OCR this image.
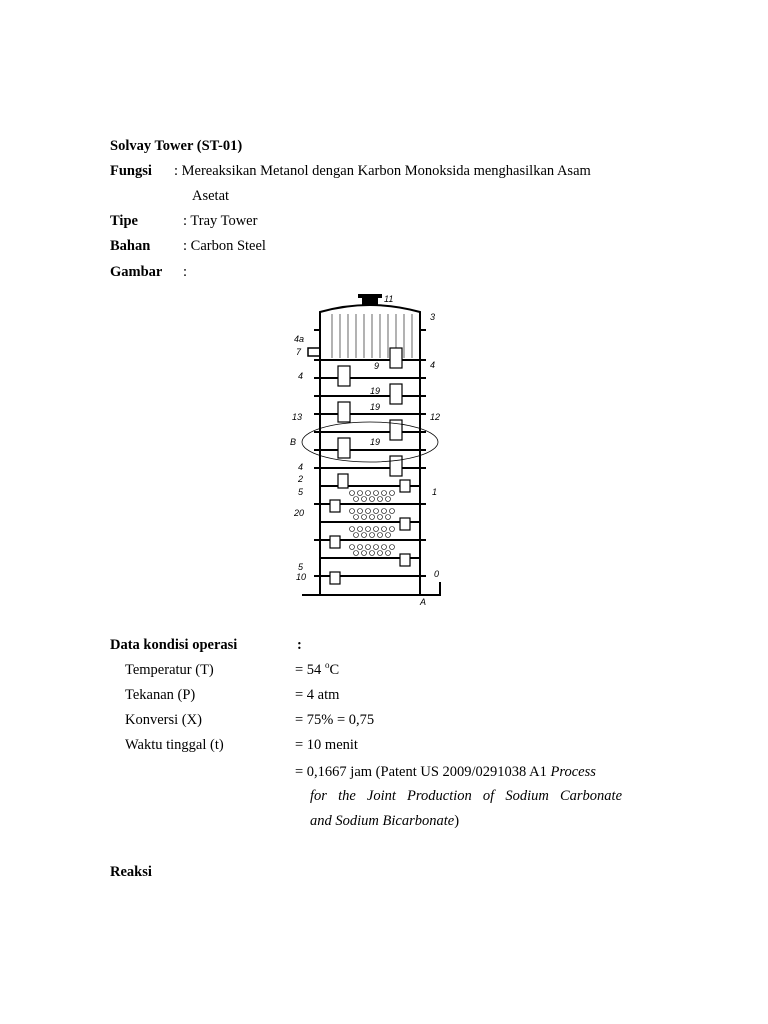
Solvay Tower (ST-01)
Fungsi : Mereaksikan Metanol dengan Karbon Monoksida menghasilkan Asam
Asetat
Tipe	: Tray Tower
Bahan : Carbon Steel
Gambar :
11
3
4a
7
9	4
4
19
19
13	12
B	19
4
2
5	1
20
5
10	0
A
Data kondisi operasi	:
Temperatur (T)	= 54 $^o$C
Tekanan (P)	= 4 atm
Konversi (X)	= 75% = 0,75
Waktu tinggal (t)	= 10 menit
= 0,1667 jam (Patent US 2009/0291038 A1 Process
for the Joint Production of Sodium Carbonate
and Sodium Bicarbonate)
Reaksi
